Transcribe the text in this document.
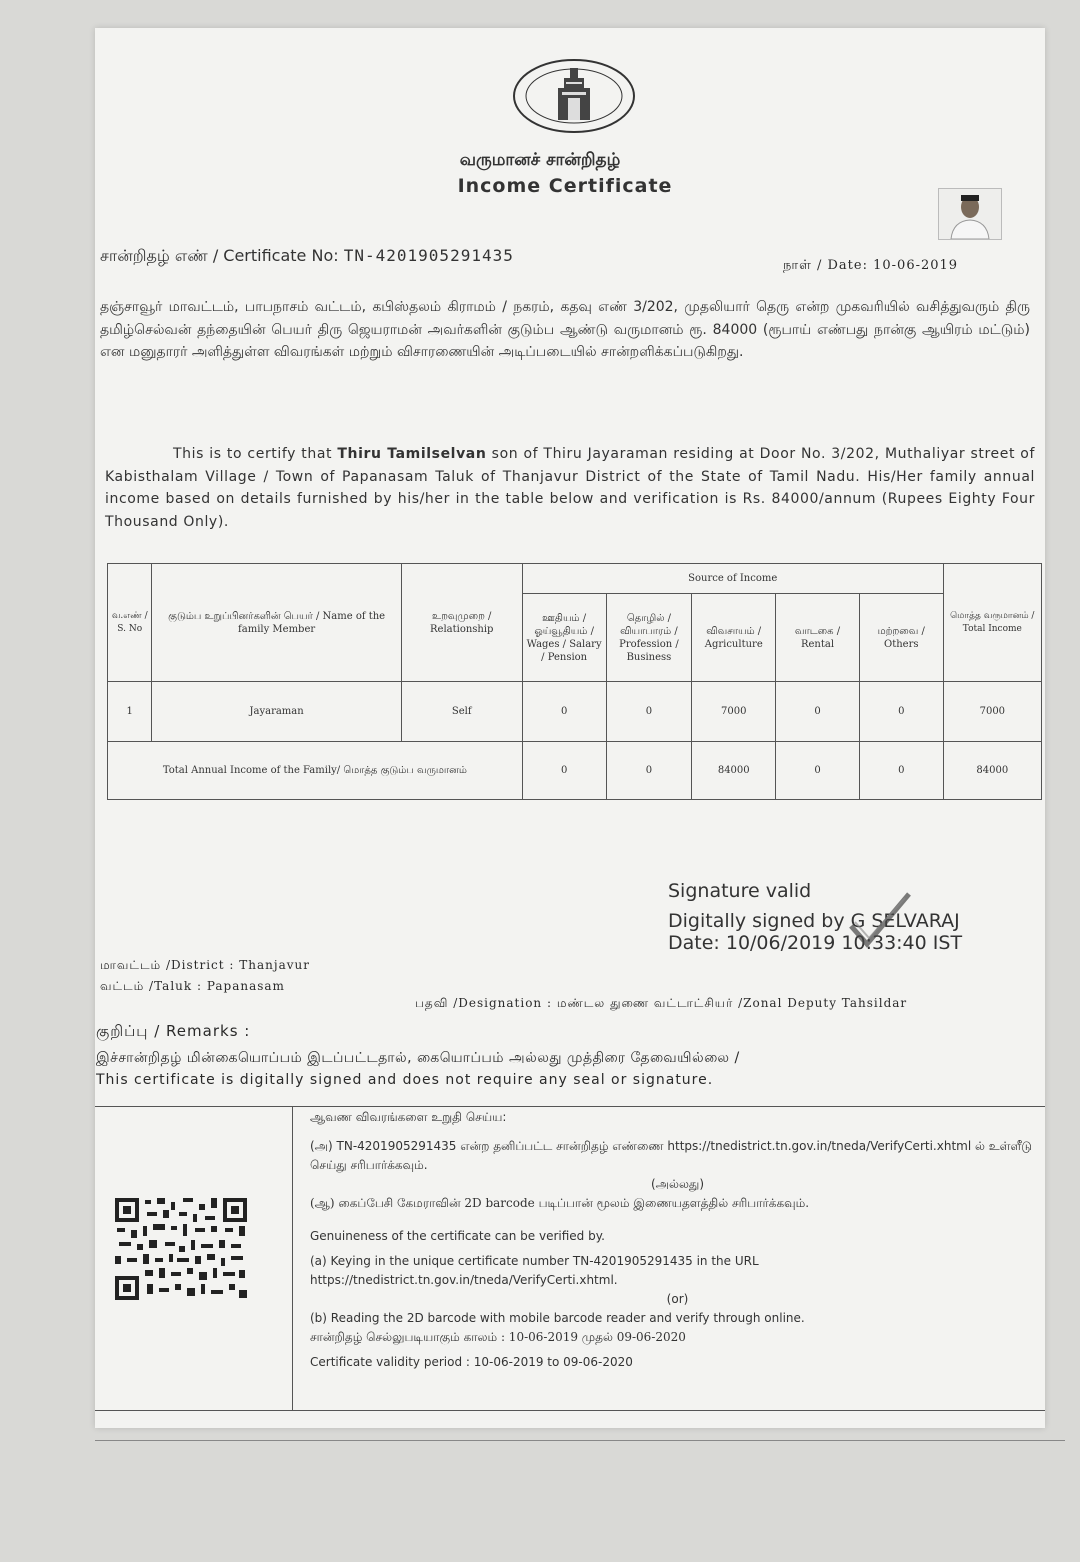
வருமானச் சான்றிதழ்
Income Certificate
சான்றிதழ் எண் / Certificate No: TN-4201905291435
நாள் / Date: 10-06-2019
தஞ்சாவூர் மாவட்டம், பாபநாசம் வட்டம், கபிஸ்தலம் கிராமம் / நகரம், கதவு எண் 3/202, முதலியார் தெரு என்ற முகவரியில் வசித்துவரும் திரு தமிழ்செல்வன் தந்தையின் பெயர் திரு ஜெயராமன் அவர்களின் குடும்ப ஆண்டு வருமானம் ரூ. 84000 (ரூபாய் எண்பது நான்கு ஆயிரம் மட்டும்) என மனுதாரர் அளித்துள்ள விவரங்கள் மற்றும் விசாரணையின் அடிப்படையில் சான்றளிக்கப்படுகிறது.
This is to certify that Thiru Tamilselvan son of Thiru Jayaraman residing at Door No. 3/202, Muthaliyar street of Kabisthalam Village / Town of Papanasam Taluk of Thanjavur District of the State of Tamil Nadu. His/Her family annual income based on details furnished by his/her in the table below and verification is Rs. 84000/annum (Rupees Eighty Four Thousand Only).
வ.எண் / S. No	குடும்ப உறுப்பினர்களின் பெயர் / Name of the family Member	உறவுமுறை / Relationship	Source of Income					மொத்த வருமானம் / Total Income
			ஊதியம் / ஓய்வூதியம் / Wages / Salary / Pension	தொழில் / வியாபாரம் / Profession / Business	விவசாயம் / Agriculture	வாடகை / Rental	மற்றவை / Others	
1	Jayaraman	Self	0	0	7000	0	0	7000
Total Annual Income of the Family/ மொத்த குடும்ப வருமானம்			0	0	84000	0	0	84000
Signature valid
Digitally signed by G SELVARAJ
Date: 10/06/2019 10:33:40 IST
மாவட்டம் /District : Thanjavur
வட்டம் /Taluk : Papanasam
பதவி /Designation : மண்டல துணை வட்டாட்சியர் /Zonal Deputy Tahsildar
குறிப்பு / Remarks :
இச்சான்றிதழ் மின்கையொப்பம் இடப்பட்டதால், கையொப்பம் அல்லது முத்திரை தேவையில்லை /
This certificate is digitally signed and does not require any seal or signature.

ஆவண விவரங்களை உறுதி செய்ய:

(அ) TN-4201905291435 என்ற தனிப்பட்ட சான்றிதழ் எண்ணை https://tnedistrict.tn.gov.in/tneda/VerifyCerti.xhtml ல் உள்ளீடு செய்து சரிபார்க்கவும்.

(அல்லது)

(ஆ) கைப்பேசி கேமராவின் 2D barcode படிப்பான் மூலம் இணையதளத்தில் சரிபார்க்கவும்.

Genuineness of the certificate can be verified by.

(a) Keying in the unique certificate number TN-4201905291435 in the URL https://tnedistrict.tn.gov.in/tneda/VerifyCerti.xhtml.

(or)

(b) Reading the 2D barcode with mobile barcode reader and verify through online.

சான்றிதழ் செல்லுபடியாகும் காலம் : 10-06-2019 முதல் 09-06-2020

Certificate validity period : 10-06-2019 to 09-06-2020
